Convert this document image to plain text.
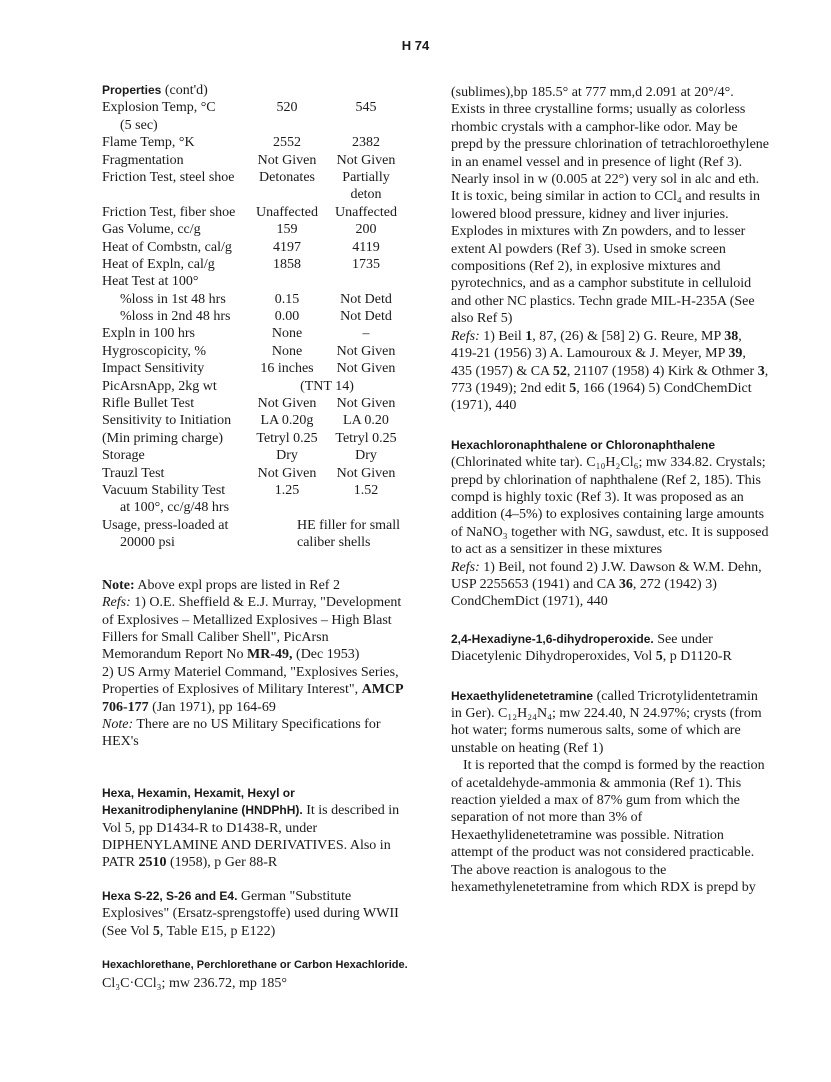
H 74
Properties (cont'd)
Explosion Temp, °C	520	545
(5 sec)
Flame Temp, °K	2552	2382
Fragmentation	Not Given	Not Given
Friction Test, steel shoe	Detonates	Partially
deton
Friction Test, fiber shoe	Unaffected	Unaffected
Gas Volume, cc/g	159	200
Heat of Combstn, cal/g	4197	4119
Heat of Expln, cal/g	1858	1735
Heat Test at 100°
%loss in 1st 48 hrs	0.15	Not Detd
%loss in 2nd 48 hrs	0.00	Not Detd
Expln in 100 hrs	None	–
Hygroscopicity, %	None	Not Given
Impact Sensitivity	16 inches	Not Given
PicArsnApp, 2kg wt	(TNT 14)
Rifle Bullet Test	Not Given	Not Given
Sensitivity to Initiation	LA 0.20g	LA 0.20
(Min priming charge)	Tetryl 0.25	Tetryl 0.25
Storage	Dry	Dry
Trauzl Test	Not Given	Not Given
Vacuum Stability Test	1.25	1.52
at 100°, cc/g/48 hrs
Usage, press-loaded at
20000 psi
HE filler for small caliber shells

Note: Above expl props are listed in Ref 2

Refs: 1) O.E. Sheffield & E.J. Murray, "Development of Explosives – Metallized Explosives – High Blast Fillers for Small Caliber Shell", PicArsn Memorandum Report No MR-49, (Dec 1953)
2) US Army Materiel Command, "Explosives Series, Properties of Explosives of Military Interest", AMCP 706-177 (Jan 1971), pp 164-69
Note: There are no US Military Specifications for HEX's

Hexa, Hexamin, Hexamit, Hexyl or Hexanitrodiphenylanine (HNDPhH). It is described in Vol 5, pp D1434-R to D1438-R, under DIPHENYLAMINE AND DERIVATIVES. Also in PATR 2510 (1958), p Ger 88-R

Hexa S-22, S-26 and E4. German "Substitute Explosives" (Ersatz-sprengstoffe) used during WWII (See Vol 5, Table E15, p E122)

Hexachlorethane, Perchlorethane or Carbon Hexachloride. Cl₃C·CCl₃; mw 236.72, mp 185°

(sublimes),bp 185.5° at 777 mm,d 2.091 at 20°/4°. Exists in three crystalline forms; usually as colorless rhombic crystals with a camphor-like odor. May be prepd by the pressure chlorination of tetrachloroethylene in an enamel vessel and in presence of light (Ref 3). Nearly insol in w (0.005 at 22°) very sol in alc and eth. It is toxic, being similar in action to CCl₄ and results in lowered blood pressure, kidney and liver injuries. Explodes in mixtures with Zn powders, and to lesser extent Al powders (Ref 3). Used in smoke screen compositions (Ref 2), in explosive mixtures and pyrotechnics, and as a camphor substitute in celluloid and other NC plastics. Techn grade MIL-H-235A (See also Ref 5)

Refs: 1) Beil 1, 87, (26) & [58] 2) G. Reure, MP 38, 419-21 (1956) 3) A. Lamouroux & J. Meyer, MP 39, 435 (1957) & CA 52, 21107 (1958) 4) Kirk & Othmer 3, 773 (1949); 2nd edit 5, 166 (1964) 5) CondChemDict (1971), 440

Hexachloronaphthalene or Chloronaphthalene (Chlorinated white tar). C₁₀H₂Cl₆; mw 334.82. Crystals; prepd by chlorination of naphthalene (Ref 2, 185). This compd is highly toxic (Ref 3). It was proposed as an addition (4–5%) to explosives containing large amounts of NaNO₃ together with NG, sawdust, etc. It is supposed to act as a sensitizer in these mixtures

Refs: 1) Beil, not found 2) J.W. Dawson & W.M. Dehn, USP 2255653 (1941) and CA 36, 272 (1942) 3) CondChemDict (1971), 440

2,4-Hexadiyne-1,6-dihydroperoxide. See under Diacetylenic Dihydroperoxides, Vol 5, p D1120-R

Hexaethylidenetetramine (called Tricrotylidentetramin in Ger). C₁₂H₂₄N₄; mw 224.40, N 24.97%; crysts (from hot water; forms numerous salts, some of which are unstable on heating (Ref 1)

It is reported that the compd is formed by the reaction of acetaldehyde-ammonia & ammonia (Ref 1). This reaction yielded a max of 87% gum from which the separation of not more than 3% of Hexaethylidenetetramine was possible. Nitration attempt of the product was not considered practicable. The above reaction is analogous to the hexamethylenetetramine from which RDX is prepd by
